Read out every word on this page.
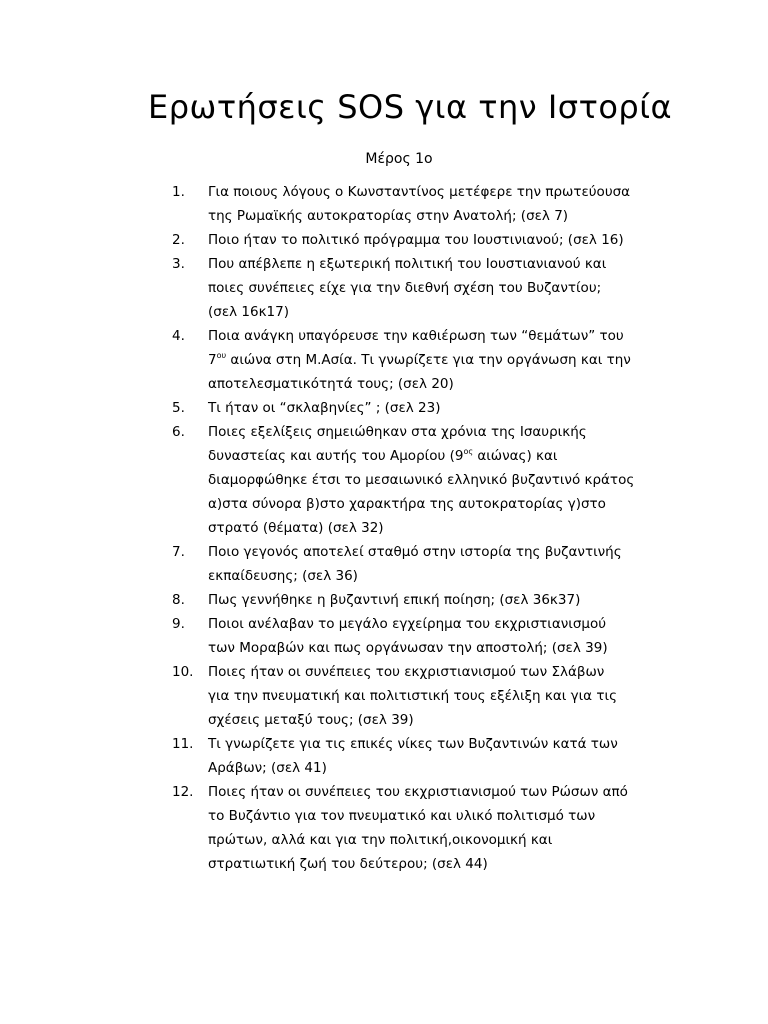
Ερωτήσεις SOS για την Ιστορία
Μέρος 1ο
1.	Για ποιους λόγους ο Κωνσταντίνος μετέφερε την πρωτεύουσα
της Ρωμαϊκής αυτοκρατορίας στην Ανατολή; (σελ 7)
2.	Ποιο ήταν το πολιτικό πρόγραμμα του Ιουστινιανού; (σελ 16)
3.	Που απέβλεπε η εξωτερική πολιτική του Ιουστιανιανού και
ποιες συνέπειες είχε για την διεθνή σχέση του Βυζαντίου;
(σελ 16κ17)
4.	Ποια ανάγκη υπαγόρευσε την καθιέρωση των “θεμάτων” του
$7^{o\upsilon}$ αιώνα στη Μ.Ασία. Τι γνωρίζετε για την οργάνωση και την
αποτελεσματικότητά τους; (σελ 20)
5.	Τι ήταν οι “σκλαβηνίες” ; (σελ 23)
6.	Ποιες εξελίξεις σημειώθηκαν στα χρόνια της Ισαυρικής
δυναστείας και αυτής του Αμορίου ($9^{o\varsigma}$ αιώνας) και
διαμορφώθηκε έτσι το μεσαιωνικό ελληνικό βυζαντινό κράτος
α)στα σύνορα β)στο χαρακτήρα της αυτοκρατορίας γ)στο
στρατό (θέματα) (σελ 32)
7.	Ποιο γεγονός αποτελεί σταθμό στην ιστορία της βυζαντινής
εκπαίδευσης; (σελ 36)
8.	Πως γεννήθηκε η βυζαντινή επική ποίηση; (σελ 36κ37)
9.	Ποιοι ανέλαβαν το μεγάλο εγχείρημα του εκχριστιανισμού
των Μοραβών και πως οργάνωσαν την αποστολή; (σελ 39)
10.	Ποιες ήταν οι συνέπειες του εκχριστιανισμού των Σλάβων
για την πνευματική και πολιτιστική τους εξέλιξη και για τις
σχέσεις μεταξύ τους; (σελ 39)
11.	Τι γνωρίζετε για τις επικές νίκες των Βυζαντινών κατά των
Αράβων; (σελ 41)
12.	Ποιες ήταν οι συνέπειες του εκχριστιανισμού των Ρώσων από
το Βυζάντιο για τον πνευματικό και υλικό πολιτισμό των
πρώτων, αλλά και για την πολιτική,οικονομική και
στρατιωτική ζωή του δεύτερου; (σελ 44)
